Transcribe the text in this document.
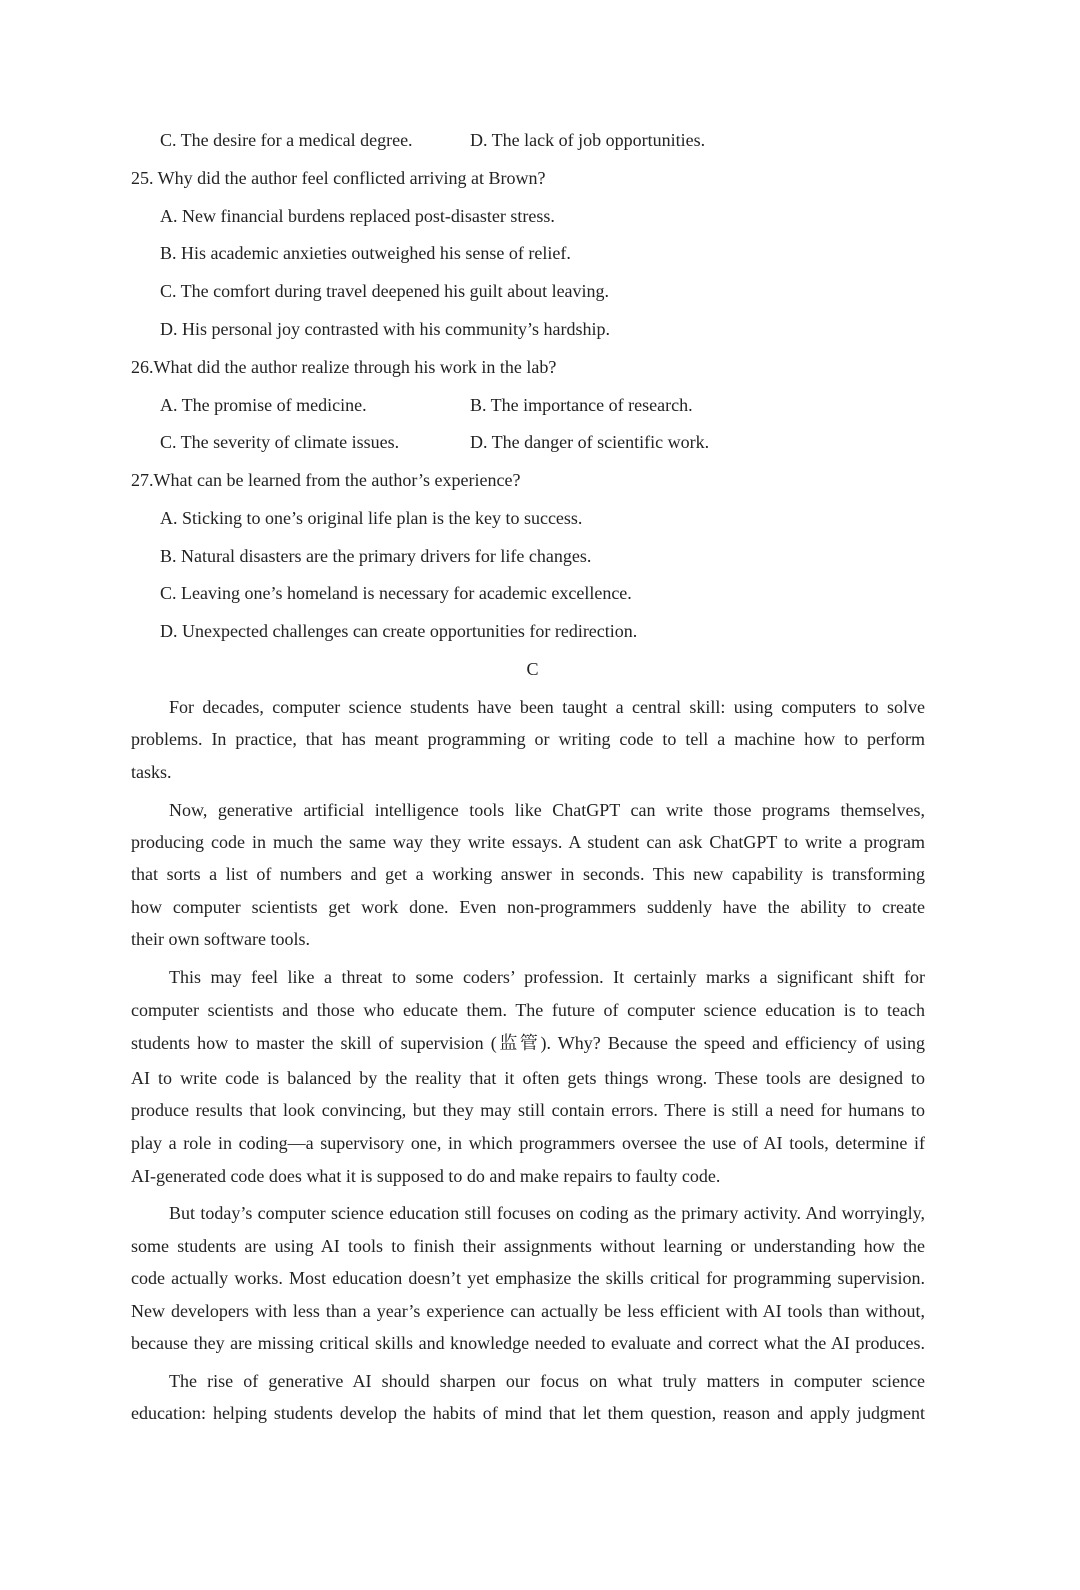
C. The desire for a medical degree.	D. The lack of job opportunities.
25. Why did the author feel conflicted arriving at Brown?
A. New financial burdens replaced post-disaster stress.
B. His academic anxieties outweighed his sense of relief.
C. The comfort during travel deepened his guilt about leaving.
D. His personal joy contrasted with his community’s hardship.
26.What did the author realize through his work in the lab?
A. The promise of medicine.	B. The importance of research.
C. The severity of climate issues.	D. The danger of scientific work.
27.What can be learned from the author’s experience?
A. Sticking to one’s original life plan is the key to success.
B. Natural disasters are the primary drivers for life changes.
C. Leaving one’s homeland is necessary for academic excellence.
D. Unexpected challenges can create opportunities for redirection.
C
For decades, computer science students have been taught a central skill: using computers to solve
problems. In practice, that has meant programming or writing code to tell a machine how to perform
tasks.
Now, generative artificial intelligence tools like ChatGPT can write those programs themselves,
producing code in much the same way they write essays. A student can ask ChatGPT to write a program
that sorts a list of numbers and get a working answer in seconds. This new capability is transforming
how computer scientists get work done. Even non-programmers suddenly have the ability to create
their own software tools.
This may feel like a threat to some coders’ profession. It certainly marks a significant shift for
computer scientists and those who educate them. The future of computer science education is to teach
students how to master the skill of supervision (监管). Why? Because the speed and efficiency of using
AI to write code is balanced by the reality that it often gets things wrong. These tools are designed to
produce results that look convincing, but they may still contain errors. There is still a need for humans to
play a role in coding—a supervisory one, in which programmers oversee the use of AI tools, determine if
AI-generated code does what it is supposed to do and make repairs to faulty code.
But today’s computer science education still focuses on coding as the primary activity. And worryingly,
some students are using AI tools to finish their assignments without learning or understanding how the
code actually works. Most education doesn’t yet emphasize the skills critical for programming supervision.
New developers with less than a year’s experience can actually be less efficient with AI tools than without,
because they are missing critical skills and knowledge needed to evaluate and correct what the AI produces.
The rise of generative AI should sharpen our focus on what truly matters in computer science
education: helping students develop the habits of mind that let them question, reason and apply judgment
